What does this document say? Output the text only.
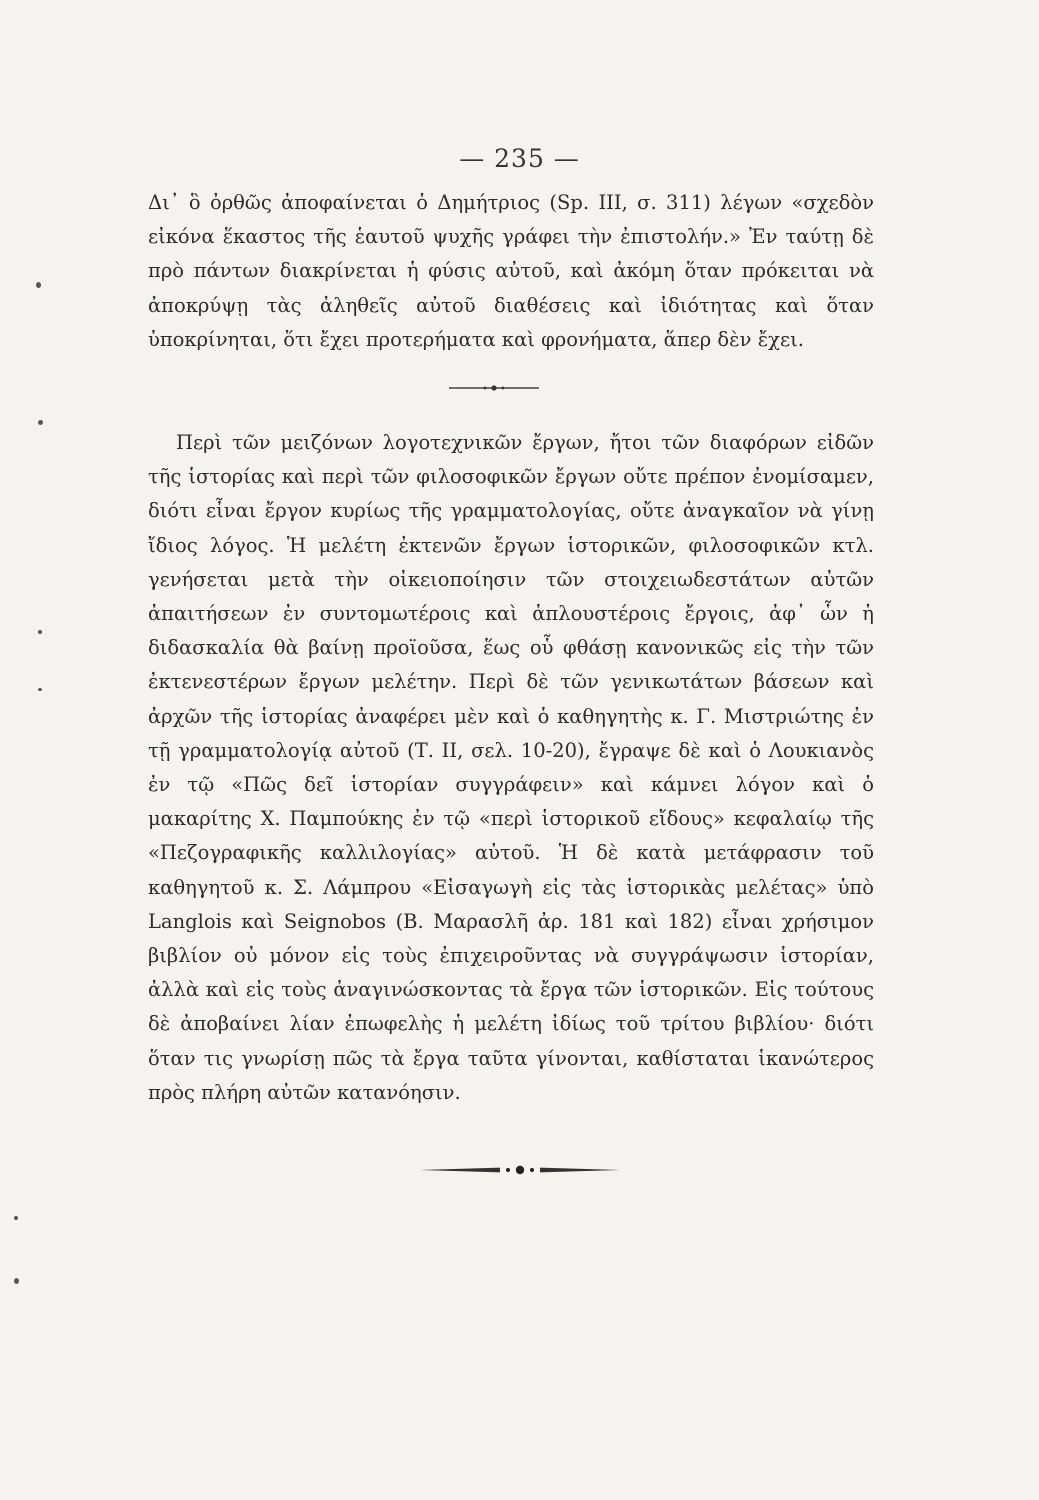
— 235 —
Δι᾽ ὃ ὀρθῶς ἀποφαίνεται ὁ Δημήτριος (Sp. III, σ. 311) λέγων «σχεδὸν εἰκόνα ἕκαστος τῆς ἑαυτοῦ ψυχῆς γράφει τὴν ἐπιστολήν.» Ἐν ταύτῃ δὲ πρὸ πάντων διακρίνεται ἡ φύσις αὐτοῦ, καὶ ἀκόμη ὅταν πρόκειται νὰ ἀποκρύψῃ τὰς ἀληθεῖς αὐτοῦ διαθέσεις καὶ ἰδιότητας καὶ ὅταν ὑποκρίνηται, ὅτι ἔχει προτερήματα καὶ φρονήματα, ἅπερ δὲν ἔχει.
Περὶ τῶν μειζόνων λογοτεχνικῶν ἔργων, ἤτοι τῶν διαφόρων εἰδῶν τῆς ἱστορίας καὶ περὶ τῶν φιλοσοφικῶν ἔργων οὔτε πρέπον ἐνομίσαμεν, διότι εἶναι ἔργον κυρίως τῆς γραμματολογίας, οὔτε ἀναγκαῖον νὰ γίνῃ ἴδιος λόγος. Ἡ μελέτη ἐκτενῶν ἔργων ἱστορικῶν, φιλοσοφικῶν κτλ. γενήσεται μετὰ τὴν οἰκειοποίησιν τῶν στοιχειωδεστάτων αὐτῶν ἀπαιτήσεων ἐν συντομωτέροις καὶ ἁπλουστέροις ἔργοις, ἀφ᾽ ὧν ἡ διδασκαλία θὰ βαίνῃ προϊοῦσα, ἕως οὗ φθάσῃ κανονικῶς εἰς τὴν τῶν ἐκτενεστέρων ἔργων μελέτην. Περὶ δὲ τῶν γενικωτάτων βάσεων καὶ ἀρχῶν τῆς ἱστορίας ἀναφέρει μὲν καὶ ὁ καθηγητὴς κ. Γ. Μιστριώτης ἐν τῇ γραμματολογίᾳ αὐτοῦ (Τ. ΙΙ, σελ. 10-20), ἔγραψε δὲ καὶ ὁ Λουκιανὸς ἐν τῷ «Πῶς δεῖ ἱστορίαν συγγράφειν» καὶ κάμνει λόγον καὶ ὁ μακαρίτης Χ. Παμπούκης ἐν τῷ «περὶ ἱστορικοῦ εἴδους» κεφαλαίῳ τῆς «Πεζογραφικῆς καλλιλογίας» αὐτοῦ. Ἡ δὲ κατὰ μετάφρασιν τοῦ καθηγητοῦ κ. Σ. Λάμπρου «Εἰσαγωγὴ εἰς τὰς ἱστορικὰς μελέτας» ὑπὸ Langlois καὶ Seignobos (Β. Μαρασλῆ ἀρ. 181 καὶ 182) εἶναι χρήσιμον βιβλίον οὐ μόνον εἰς τοὺς ἐπιχειροῦντας νὰ συγγράψωσιν ἱστορίαν, ἀλλὰ καὶ εἰς τοὺς ἀναγινώσκοντας τὰ ἔργα τῶν ἱστορικῶν. Εἰς τούτους δὲ ἀποβαίνει λίαν ἐπωφελὴς ἡ μελέτη ἰδίως τοῦ τρίτου βιβλίου· διότι ὅταν τις γνωρίσῃ πῶς τὰ ἔργα ταῦτα γίνονται, καθίσταται ἱκανώτερος πρὸς πλήρη αὐτῶν κατανόησιν.
